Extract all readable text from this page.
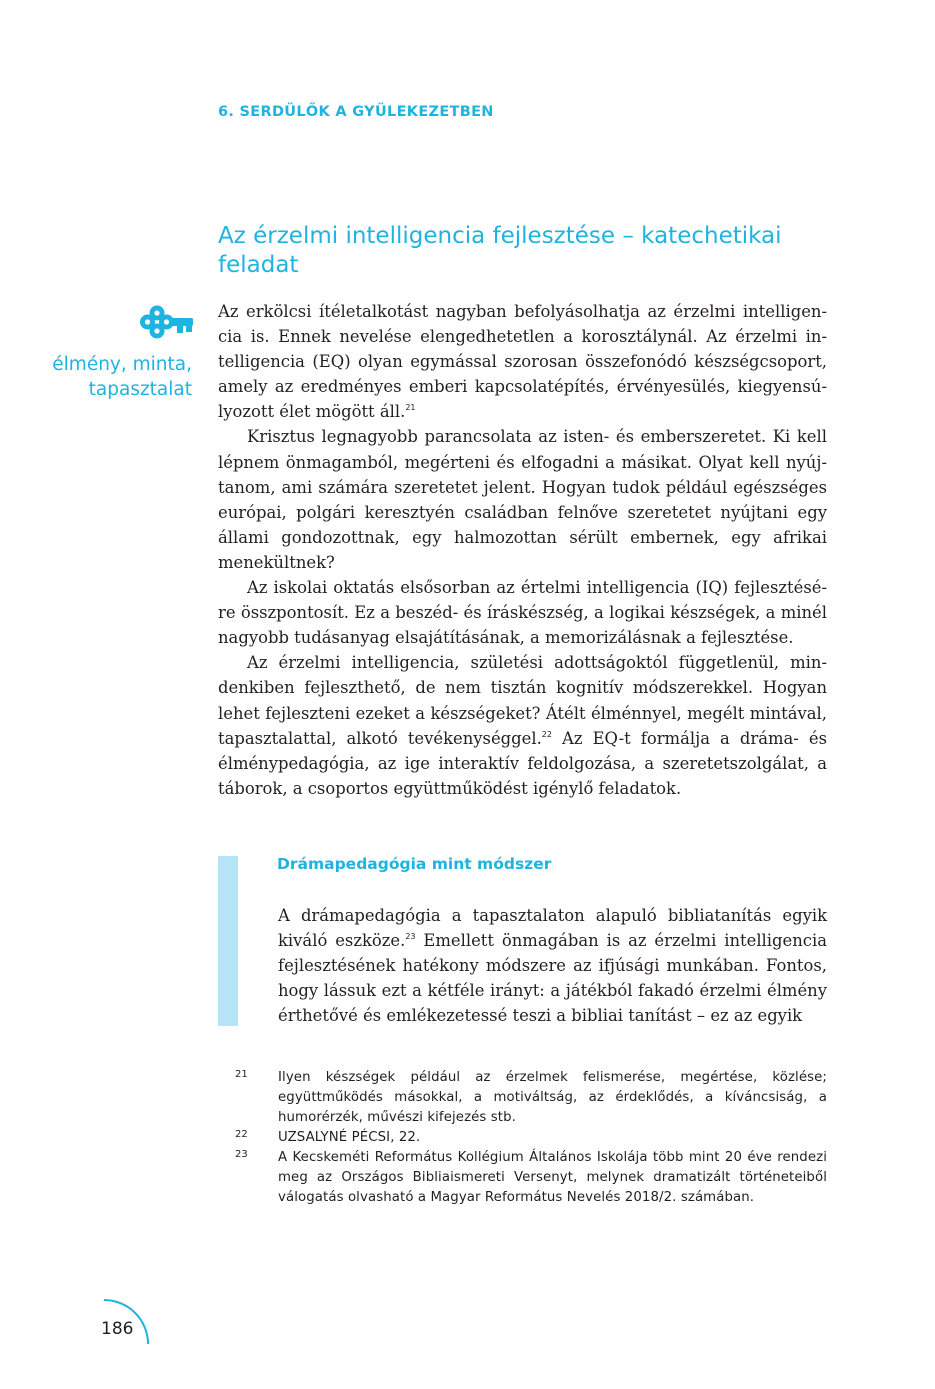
6. SERDÜLŐK A GYÜLEKEZETBEN
Az érzelmi intelligencia fejlesztése – katechetikai feladat
élmény, minta,
tapasztalat

Az erkölcsi ítéletalkotást nagyban befolyásolhatja az érzelmi intelligencia is. Ennek nevelése elengedhetetlen a korosztálynál. Az érzelmi intelligencia (EQ) olyan egymással szorosan összefonódó készségcsoport, amely az eredményes emberi kapcsolatépítés, érvényesülés, kiegyensúlyozott élet mögött áll.$^{21}$

Krisztus legnagyobb parancsolata az isten- és emberszeretet. Ki kell lépnem önmagamból, megérteni és elfogadni a másikat. Olyat kell nyújtanom, ami számára szeretetet jelent. Hogyan tudok például egészséges európai, polgári keresztyén családban felnőve szeretetet nyújtani egy állami gondozottnak, egy halmozottan sérült embernek, egy afrikai menekültnek?

Az iskolai oktatás elsősorban az értelmi intelligencia (IQ) fejlesztésére összpontosít. Ez a beszéd- és íráskészség, a logikai készségek, a minél nagyobb tudásanyag elsajátításának, a memorizálásnak a fejlesztése.

Az érzelmi intelligencia, születési adottságoktól függetlenül, mindenkiben fejleszthető, de nem tisztán kognitív módszerekkel. Hogyan lehet fejleszteni ezeket a készségeket? Átélt élménnyel, megélt mintával, tapasztalattal, alkotó tevékenységgel.$^{22}$ Az EQ-t formálja a dráma- és élménypedagógia, az ige interaktív feldolgozása, a szeretetszolgálat, a táborok, a csoportos együttműködést igénylő feladatok.

Drámapedagógia mint módszer

A drámapedagógia a tapasztalaton alapuló bibliatanítás egyik kiváló eszköze.$^{23}$ Emellett önmagában is az érzelmi intelligencia fejlesztésének hatékony módszere az ifjúsági munkában. Fontos, hogy lássuk ezt a kétféle irányt: a játékból fakadó érzelmi élmény érthetővé és emlékezetessé teszi a bibliai tanítást – ez az egyik

21 Ilyen készségek például az érzelmek felismerése, megértése, közlése; együttműködés másokkal, a motiváltság, az érdeklődés, a kíváncsiság, a humorérzék, művészi kifejezés stb.
22 UZSALYNÉ PÉCSI, 22.
23 A Kecskeméti Református Kollégium Általános Iskolája több mint 20 éve rendezi meg az Országos Bibliaismereti Versenyt, melynek dramatizált történeteiből válogatás olvasható a Magyar Református Nevelés 2018/2. számában.
186
